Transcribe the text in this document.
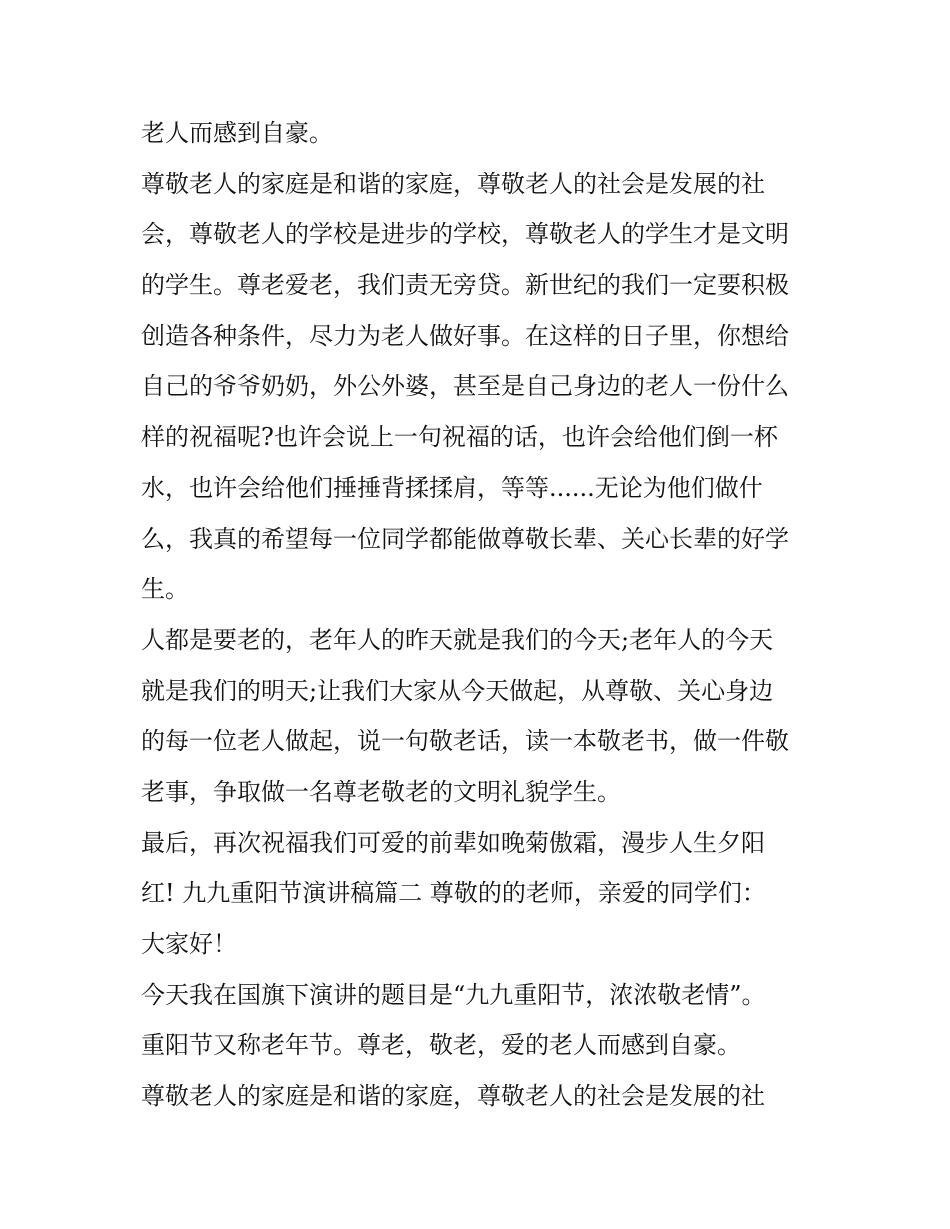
老人而感到自豪。

尊敬老人的家庭是和谐的家庭，尊敬老人的社会是发展的社

会，尊敬老人的学校是进步的学校，尊敬老人的学生才是文明

的学生。尊老爱老，我们责无旁贷。新世纪的我们一定要积极

创造各种条件，尽力为老人做好事。在这样的日子里，你想给

自己的爷爷奶奶，外公外婆，甚至是自己身边的老人一份什么

样的祝福呢?也许会说上一句祝福的话，也许会给他们倒一杯

水，也许会给他们捶捶背揉揉肩，等等......无论为他们做什

么，我真的希望每一位同学都能做尊敬长辈、关心长辈的好学

生。

人都是要老的，老年人的昨天就是我们的今天;老年人的今天

就是我们的明天;让我们大家从今天做起，从尊敬、关心身边

的每一位老人做起，说一句敬老话，读一本敬老书，做一件敬

老事，争取做一名尊老敬老的文明礼貌学生。

最后，再次祝福我们可爱的前辈如晚菊傲霜，漫步人生夕阳

红! 九九重阳节演讲稿篇二 尊敬的的老师，亲爱的同学们：

大家好！

今天我在国旗下演讲的题目是“九九重阳节，浓浓敬老情”。

重阳节又称老年节。尊老，敬老，爱的老人而感到自豪。

尊敬老人的家庭是和谐的家庭，尊敬老人的社会是发展的社
